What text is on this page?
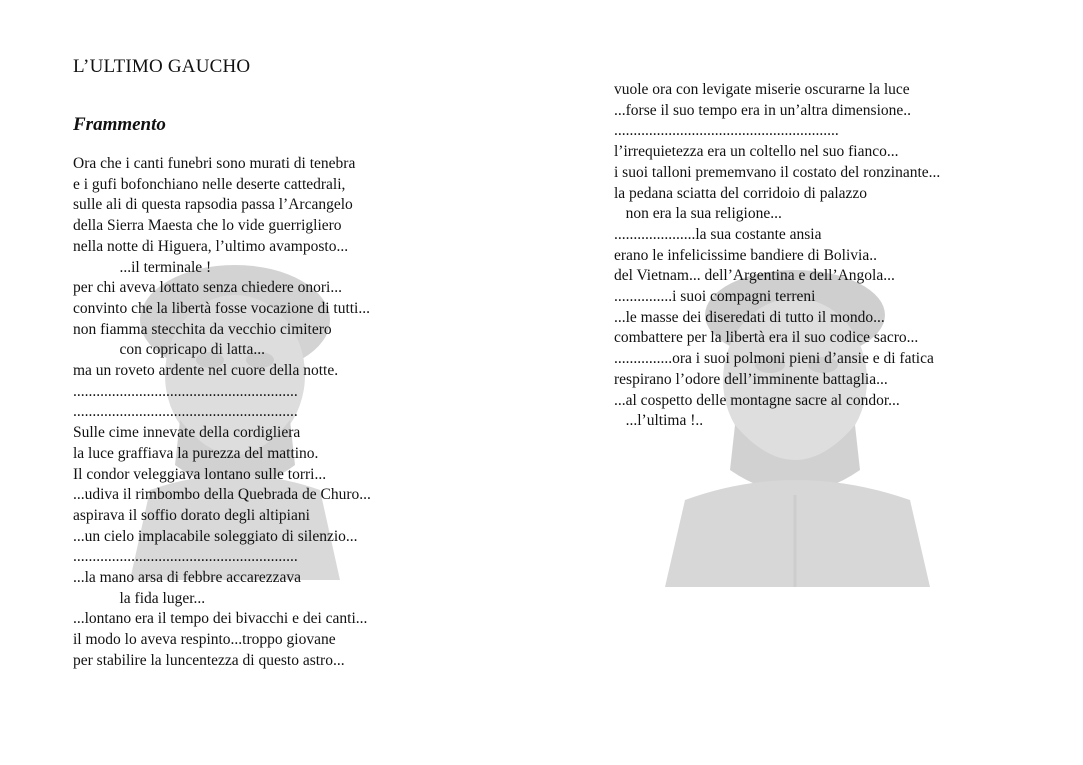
L’ULTIMO GAUCHO
Frammento
Ora che i canti funebri sono murati di tenebra
e i gufi bofonchiano nelle deserte cattedrali,
sulle ali di questa rapsodia passa l’Arcangelo
della Sierra Maesta che lo vide guerrigliero
nella notte di Higuera, l’ultimo avamposto...
...il terminale !
per chi aveva lottato senza chiedere onori...
convinto che la libertà fosse vocazione di tutti...
non fiamma stecchita da vecchio cimitero
con copricapo di latta...
ma un roveto ardente nel cuore della notte.
..........................................................
..........................................................
Sulle cime innevate della cordigliera
la luce graffiava la purezza del mattino.
Il condor veleggiava lontano sulle torri...
...udiva il rimbombo della Quebrada de Churo...
aspirava il soffio dorato degli altipiani
...un cielo implacabile soleggiato di silenzio...
..........................................................
...la mano arsa di febbre accarezzava
la fida luger...
...lontano era il tempo dei bivacchi e dei canti...
il modo lo aveva respinto...troppo giovane
per stabilire la luncentezza di questo astro...
vuole ora con levigate miserie oscurarne la luce
...forse il suo tempo era in un’altra dimensione..
..........................................................
l’irrequietezza era un coltello nel suo fianco...
i suoi talloni prememvano il costato del ronzinante...
la pedana sciatta del corridoio di palazzo
non era la sua religione...
.....................la sua costante ansia
erano le infelicissime bandiere di Bolivia..
del Vietnam... dell’Argentina e dell’Angola...
...............i suoi compagni terreni
...le masse dei diseredati di tutto il mondo...
combattere per la libertà era il suo codice sacro...
...............ora i suoi polmoni pieni d’ansie e di fatica
respirano l’odore dell’imminente battaglia...
...al cospetto delle montagne sacre al condor...
...l’ultima !..
